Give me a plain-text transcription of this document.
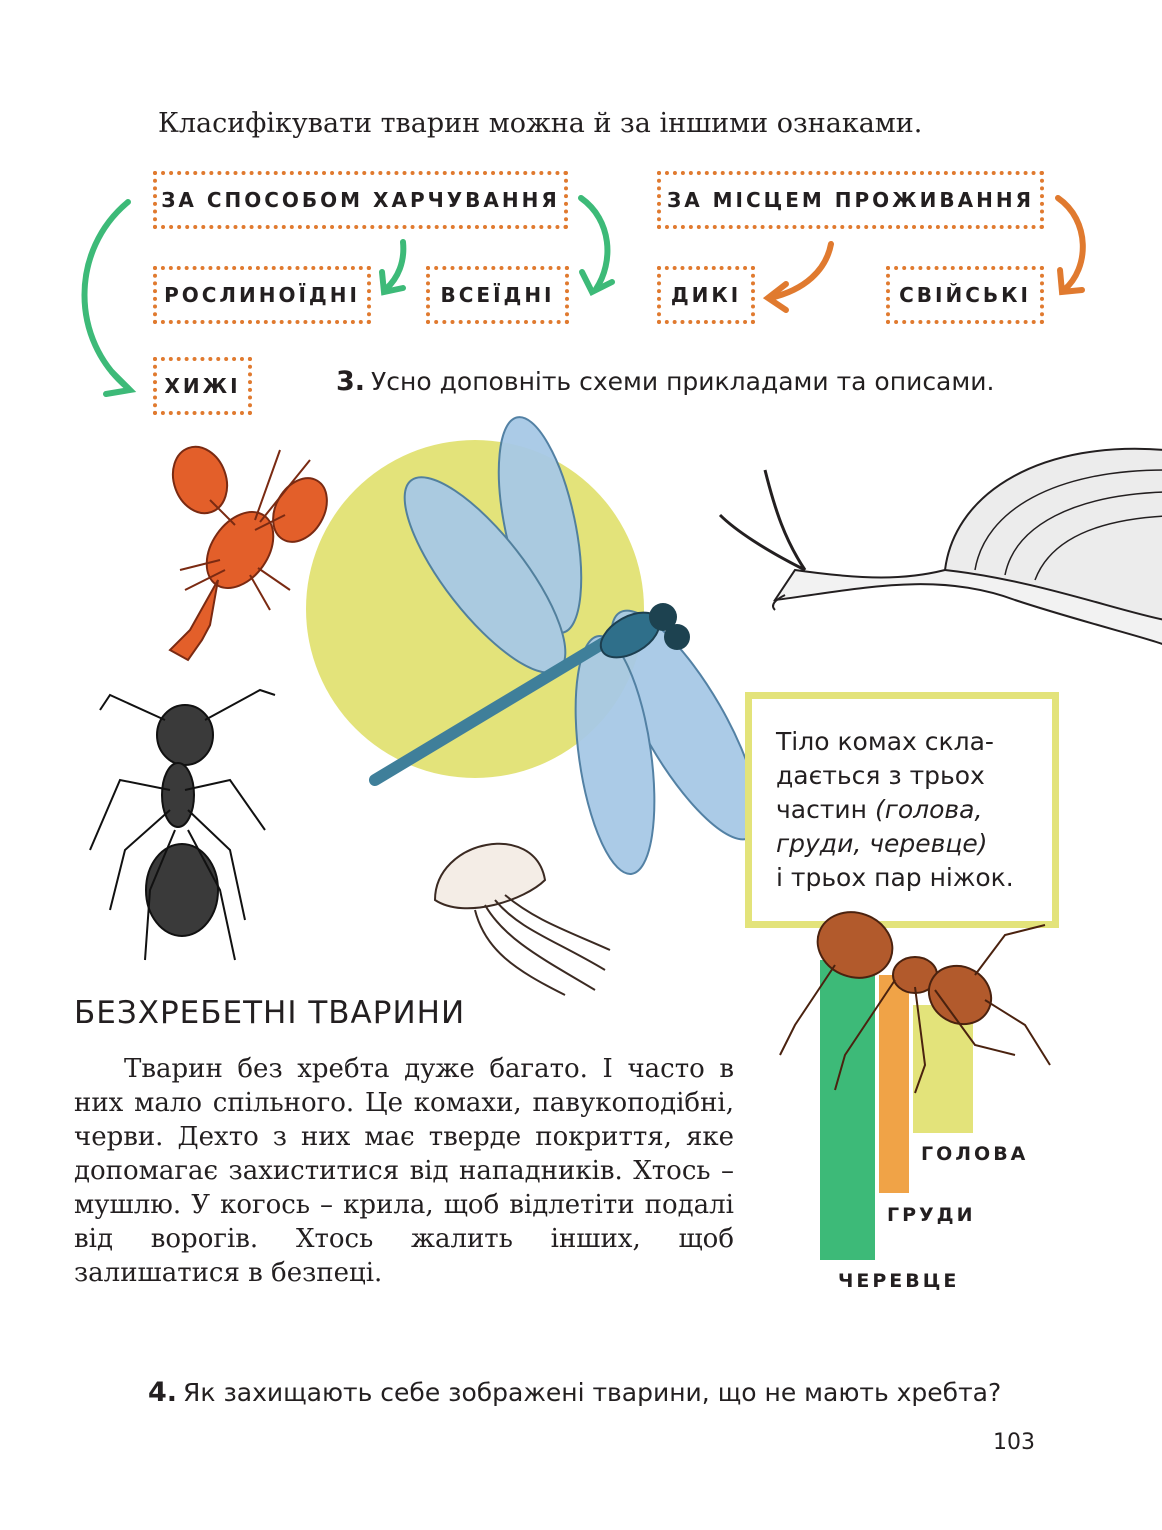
Класифікувати тварин можна й за іншими ознаками.
ЗА СПОСОБОМ ХАРЧУВАННЯ
РОСЛИНОЇДНІ	ВСЕЇДНІ
ХИЖІ
ЗА МІСЦЕМ ПРОЖИВАННЯ
ДИКІ	СВІЙСЬКІ
3. Усно доповніть схеми прикладами та описами.
Тіло комах скла-
дається з трьох
частин (голова,
груди, черевце)
і трьох пар ніжок.
ГОЛОВА
ГРУДИ
ЧЕРЕВЦЕ
БЕЗХРЕБЕТНІ ТВАРИНИ

Тварин без хребта дуже багато. І часто в них мало спільного. Це комахи, павукоподібні, черви. Дехто з них має тверде покриття, яке допомагає захиститися від нападників. Хтось – мушлю. У когось – крила, щоб відлетіти подалі від ворогів. Хтось жалить інших, щоб залишатися в безпеці.

4. Як захищають себе зображені тварини, що не мають хребта?
103
